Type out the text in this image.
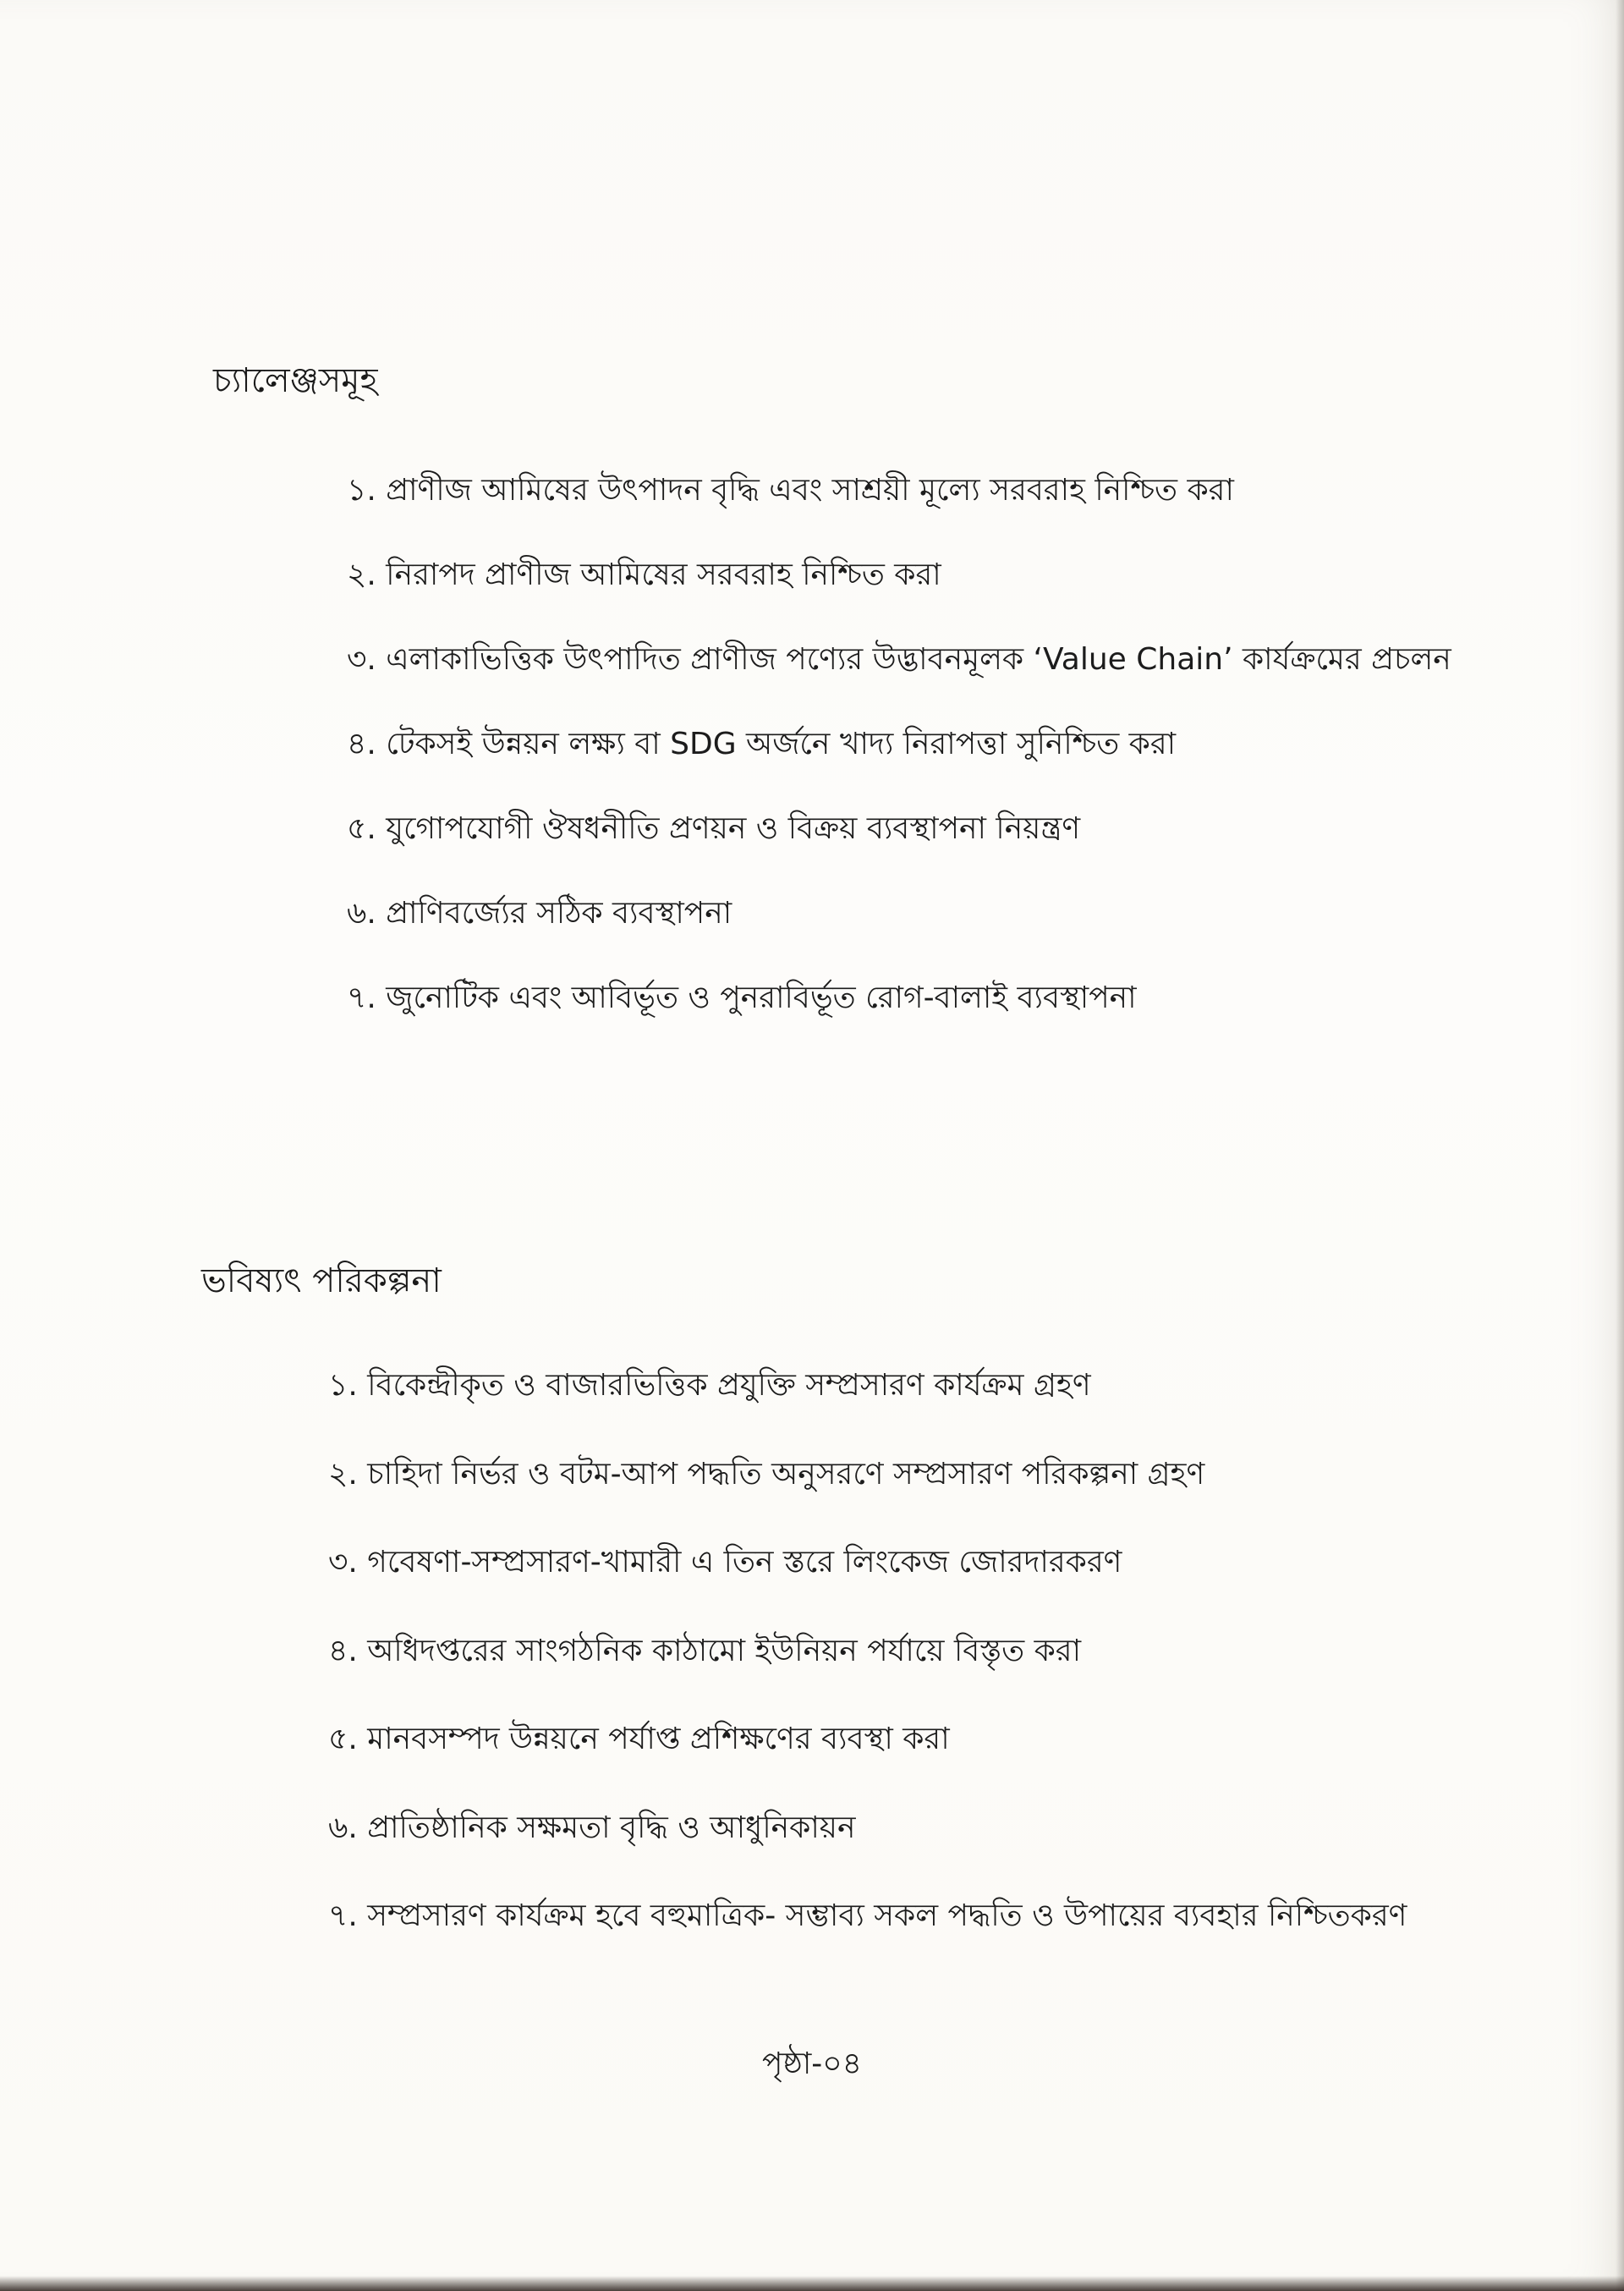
চ্যালেঞ্জসমূহ
১. প্রাণীজ আমিষের উৎপাদন বৃদ্ধি এবং সাশ্রয়ী মূল্যে সরবরাহ নিশ্চিত করা
২. নিরাপদ প্রাণীজ আমিষের সরবরাহ নিশ্চিত করা
৩. এলাকাভিত্তিক উৎপাদিত প্রাণীজ পণ্যের উদ্ভাবনমূলক ‘Value Chain’ কার্যক্রমের প্রচলন
৪. টেকসই উন্নয়ন লক্ষ্য বা SDG অর্জনে খাদ্য নিরাপত্তা সুনিশ্চিত করা
৫. যুগোপযোগী ঔষধনীতি প্রণয়ন ও বিক্রয় ব্যবস্থাপনা নিয়ন্ত্রণ
৬. প্রাণিবর্জ্যের সঠিক ব্যবস্থাপনা
৭. জুনোটিক এবং আবির্ভূত ও পুনরাবির্ভূত রোগ-বালাই ব্যবস্থাপনা
ভবিষ্যৎ পরিকল্পনা
১. বিকেন্দ্রীকৃত ও বাজারভিত্তিক প্রযুক্তি সম্প্রসারণ কার্যক্রম গ্রহণ
২. চাহিদা নির্ভর ও বটম-আপ পদ্ধতি অনুসরণে সম্প্রসারণ পরিকল্পনা গ্রহণ
৩. গবেষণা-সম্প্রসারণ-খামারী এ তিন স্তরে লিংকেজ জোরদারকরণ
৪. অধিদপ্তরের সাংগঠনিক কাঠামো ইউনিয়ন পর্যায়ে বিস্তৃত করা
৫. মানবসম্পদ উন্নয়নে পর্যাপ্ত প্রশিক্ষণের ব্যবস্থা করা
৬. প্রাতিষ্ঠানিক সক্ষমতা বৃদ্ধি ও আধুনিকায়ন
৭. সম্প্রসারণ কার্যক্রম হবে বহুমাত্রিক- সম্ভাব্য সকল পদ্ধতি ও উপায়ের ব্যবহার নিশ্চিতকরণ
পৃষ্ঠা-০৪
